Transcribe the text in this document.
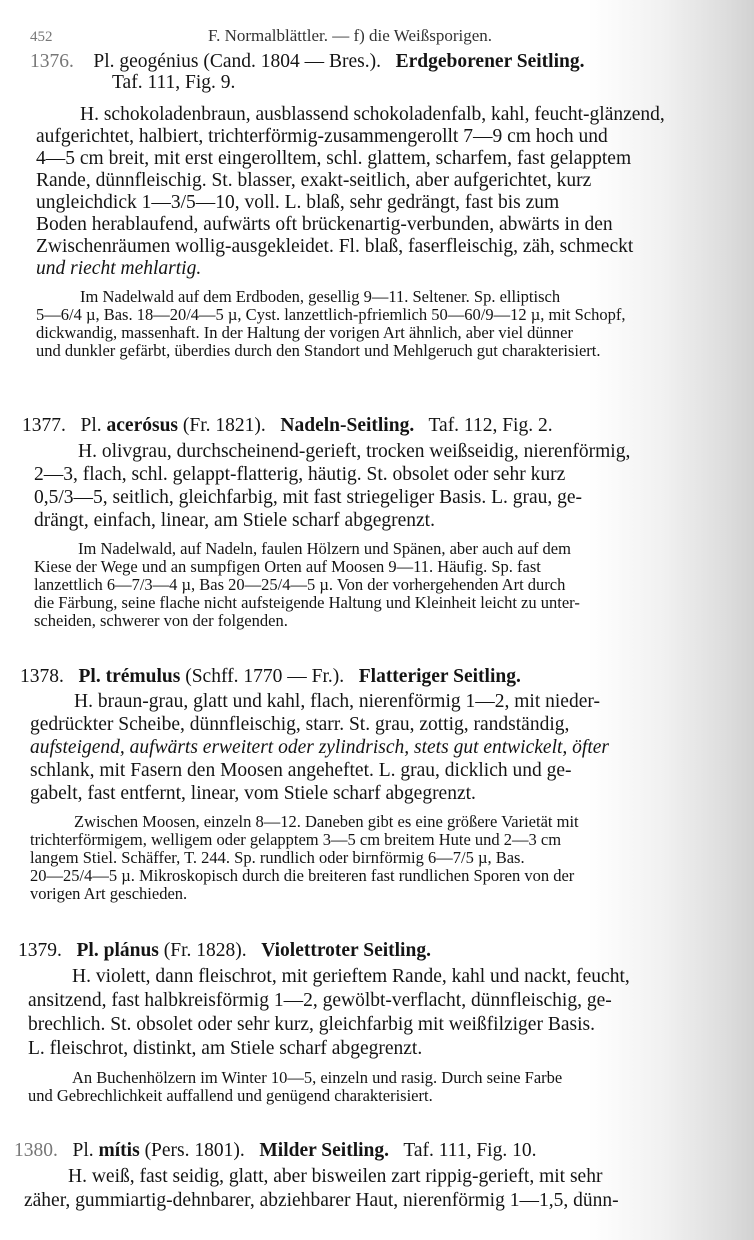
452	F. Normalblättler. — f) die Weißsporigen.
1376. Pl. geogénius (Cand. 1804 — Bres.). Erdgeborener Seitling.
Taf. 111, Fig. 9.
H. schokoladenbraun, ausblassend schokoladenfalb, kahl, feucht-glänzend,
aufgerichtet, halbiert, trichterförmig-zusammengerollt 7—9 cm hoch und
4—5 cm breit, mit erst eingerolltem, schl. glattem, scharfem, fast gelapptem
Rande, dünnfleischig. St. blasser, exakt-seitlich, aber aufgerichtet, kurz
ungleichdick 1—3/5—10, voll. L. blaß, sehr gedrängt, fast bis zum
Boden herablaufend, aufwärts oft brückenartig-verbunden, abwärts in den
Zwischenräumen wollig-ausgekleidet. Fl. blaß, faserfleischig, zäh, schmeckt
und riecht mehlartig.
Im Nadelwald auf dem Erdboden, gesellig 9—11. Seltener. Sp. elliptisch
5—6/4 µ, Bas. 18—20/4—5 µ, Cyst. lanzettlich-pfriemlich 50—60/9—12 µ, mit Schopf,
dickwandig, massenhaft. In der Haltung der vorigen Art ähnlich, aber viel dünner
und dunkler gefärbt, überdies durch den Standort und Mehlgeruch gut charakterisiert.
1377. Pl. acerósus (Fr. 1821). Nadeln-Seitling. Taf. 112, Fig. 2.
H. olivgrau, durchscheinend-gerieft, trocken weißseidig, nierenförmig,
2—3, flach, schl. gelappt-flatterig, häutig. St. obsolet oder sehr kurz
0,5/3—5, seitlich, gleichfarbig, mit fast striegeliger Basis. L. grau, ge-
drängt, einfach, linear, am Stiele scharf abgegrenzt.
Im Nadelwald, auf Nadeln, faulen Hölzern und Spänen, aber auch auf dem
Kiese der Wege und an sumpfigen Orten auf Moosen 9—11. Häufig. Sp. fast
lanzettlich 6—7/3—4 µ, Bas 20—25/4—5 µ. Von der vorhergehenden Art durch
die Färbung, seine flache nicht aufsteigende Haltung und Kleinheit leicht zu unter-
scheiden, schwerer von der folgenden.
1378. Pl. trémulus (Schff. 1770 — Fr.). Flatteriger Seitling.
H. braun-grau, glatt und kahl, flach, nierenförmig 1—2, mit nieder-
gedrückter Scheibe, dünnfleischig, starr. St. grau, zottig, randständig,
aufsteigend, aufwärts erweitert oder zylindrisch, stets gut entwickelt, öfter
schlank, mit Fasern den Moosen angeheftet. L. grau, dicklich und ge-
gabelt, fast entfernt, linear, vom Stiele scharf abgegrenzt.
Zwischen Moosen, einzeln 8—12. Daneben gibt es eine größere Varietät mit
trichterförmigem, welligem oder gelapptem 3—5 cm breitem Hute und 2—3 cm
langem Stiel. Schäffer, T. 244. Sp. rundlich oder birnförmig 6—7/5 µ, Bas.
20—25/4—5 µ. Mikroskopisch durch die breiteren fast rundlichen Sporen von der
vorigen Art geschieden.
1379. Pl. plánus (Fr. 1828). Violettroter Seitling.
H. violett, dann fleischrot, mit gerieftem Rande, kahl und nackt, feucht,
ansitzend, fast halbkreisförmig 1—2, gewölbt-verflacht, dünnfleischig, ge-
brechlich. St. obsolet oder sehr kurz, gleichfarbig mit weißfilziger Basis.
L. fleischrot, distinkt, am Stiele scharf abgegrenzt.
An Buchenhölzern im Winter 10—5, einzeln und rasig. Durch seine Farbe
und Gebrechlichkeit auffallend und genügend charakterisiert.
1380. Pl. mítis (Pers. 1801). Milder Seitling. Taf. 111, Fig. 10.
H. weiß, fast seidig, glatt, aber bisweilen zart rippig-gerieft, mit sehr
zäher, gummiartig-dehnbarer, abziehbarer Haut, nierenförmig 1—1,5, dünn-
